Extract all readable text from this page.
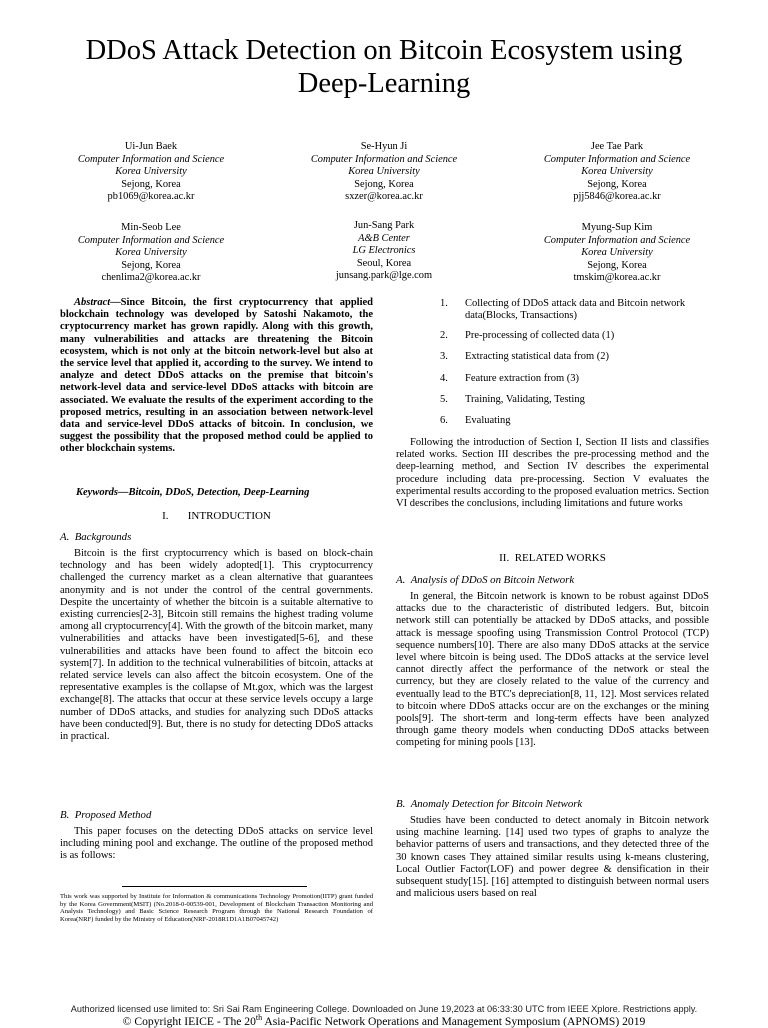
DDoS Attack Detection on Bitcoin Ecosystem using
Deep-Learning
Ui-Jun Baek
Computer Information and Science
Korea University
Sejong, Korea
pb1069@korea.ac.kr
Se-Hyun Ji
Computer Information and Science
Korea University
Sejong, Korea
sxzer@korea.ac.kr
Jee Tae Park
Computer Information and Science
Korea University
Sejong, Korea
pjj5846@korea.ac.kr
Min-Seob Lee
Computer Information and Science
Korea University
Sejong, Korea
chenlima2@korea.ac.kr
Jun-Sang Park
A&B Center
LG Electronics
Seoul, Korea
junsang.park@lge.com
Myung-Sup Kim
Computer Information and Science
Korea University
Sejong, Korea
tmskim@korea.ac.kr

Abstract—Since Bitcoin, the first cryptocurrency that applied blockchain technology was developed by Satoshi Nakamoto, the cryptocurrency market has grown rapidly. Along with this growth, many vulnerabilities and attacks are threatening the Bitcoin ecosystem, which is not only at the bitcoin network-level but also at the service level that applied it, according to the survey. We intend to analyze and detect DDoS attacks on the premise that bitcoin's network-level data and service-level DDoS attacks with bitcoin are associated. We evaluate the results of the experiment according to the proposed metrics, resulting in an association between network-level data and service-level DDoS attacks of bitcoin. In conclusion, we suggest the possibility that the proposed method could be applied to other blockchain systems.

Keywords—Bitcoin, DDoS, Detection, Deep-Learning
I.       INTRODUCTION
A.  Backgrounds
Bitcoin is the first cryptocurrency which is based on block-chain technology and has been widely adopted[1]. This cryptocurrency challenged the currency market as a clean alternative that guarantees anonymity and is not under the control of the central governments. Despite the uncertainty of whether the bitcoin is a suitable alternative to existing currencies[2-3], Bitcoin still remains the highest trading volume among all cryptocurrency[4]. With the growth of the bitcoin market, many vulnerabilities and attacks have been investigated[5-6], and these vulnerabilities and attacks have been found to affect the bitcoin eco system[7]. In addition to the technical vulnerabilities of bitcoin, attacks at related service levels can also affect the bitcoin ecosystem. One of the representative examples is the collapse of Mt.gox, which was the largest exchange[8]. The attacks that occur at these service levels occupy a large number of DDoS attacks, and studies for analyzing such DDoS attacks have been conducted[9]. But, there is no study for detecting DDoS attacks in practical.
B.  Proposed Method
This paper focuses on the detecting DDoS attacks on service level including mining pool and exchange. The outline of the proposed method is as follows:
This work was supported by Institute for Information & communications Technology Promotion(IITP) grant funded by the Korea Government(MSIT) (No.2018-0-00539-001, Development of Blockchain Transaction Monitoring and Analysis Technology) and Basic Science Research Program through the National Research Foundation of Korea(NRF) funded by the Ministry of Education(NRF-2018R1D1A1B07045742)
1. Collecting of DDoS attack data and Bitcoin network data(Blocks, Transactions)
2. Pre-processing of collected data (1)
3. Extracting statistical data from (2)
4. Feature extraction from (3)
5. Training, Validating, Testing
6. Evaluating
Following the introduction of Section I, Section II lists and classifies related works. Section III describes the pre-processing method and the deep-learning method, and Section IV describes the experimental procedure including data pre-processing. Section V evaluates the experimental results according to the proposed evaluation metrics. Section VI describes the conclusions, including limitations and future works
II.  RELATED WORKS
A.  Analysis of DDoS on Bitcoin Network
In general, the Bitcoin network is known to be robust against DDoS attacks due to the characteristic of distributed ledgers. But, bitcoin network still can potentially be attacked by DDoS attacks, and possible attack is message spoofing using Transmission Control Protocol (TCP) sequence numbers[10]. There are also many DDoS attacks at the service level where bitcoin is being used. The DDoS attacks at the service level cannot directly affect the performance of the network or steal the currency, but they are closely related to the value of the currency and eventually lead to the BTC's depreciation[8, 11, 12]. Most services related to bitcoin where DDoS attacks occur are on the exchanges or the mining pools[9]. The short-term and long-term effects have been analyzed through game theory models when conducting DDoS attacks between competing for mining pools [13].
B.  Anomaly Detection for Bitcoin Network
Studies have been conducted to detect anomaly in Bitcoin network using machine learning. [14] used two types of graphs to analyze the behavior patterns of users and transactions, and they detected three of the 30 known cases They attained similar results using k-means clustering, Local Outlier Factor(LOF) and power degree & densification in their subsequent study[15]. [16] attempted to distinguish between normal users and malicious users based on real
© Copyright IEICE - The 20th Asia-Pacific Network Operations and Management Symposium (APNOMS) 2019
Authorized licensed use limited to: Sri Sai Ram Engineering College. Downloaded on June 19,2023 at 06:33:30 UTC from IEEE Xplore. Restrictions apply.
